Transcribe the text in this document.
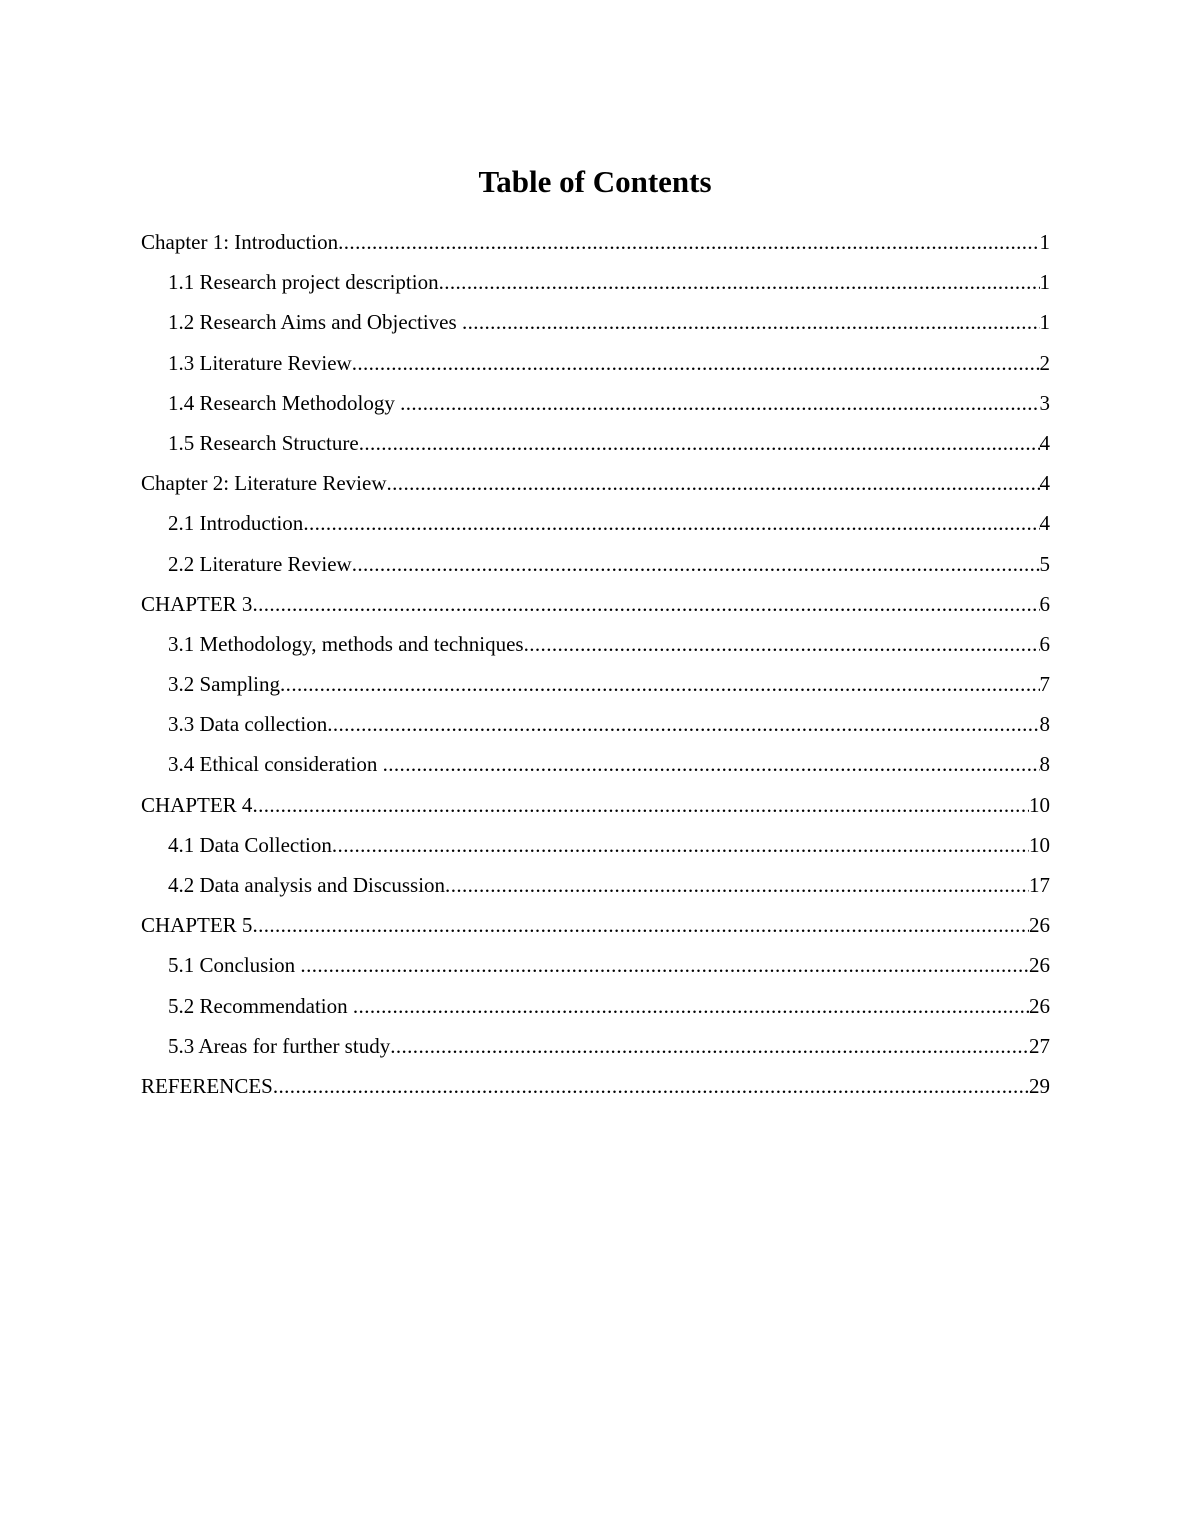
Table of Contents
Chapter 1: Introduction .....	1
1.1 Research project description .....	1
1.2 Research Aims and Objectives .....	1
1.3 Literature Review .....	2
1.4 Research Methodology .....	3
1.5 Research Structure .....	4
Chapter 2: Literature Review .....	4
2.1 Introduction .....	4
2.2 Literature Review .....	5
CHAPTER 3 .....	6
3.1 Methodology, methods and techniques .....	6
3.2 Sampling .....	7
3.3 Data collection .....	8
3.4 Ethical consideration .....	8
CHAPTER 4 .....	10
4.1 Data Collection .....	10
4.2 Data analysis and Discussion .....	17
CHAPTER 5 .....	26
5.1 Conclusion .....	26
5.2 Recommendation .....	26
5.3 Areas for further study .....	27
REFERENCES .....	29
